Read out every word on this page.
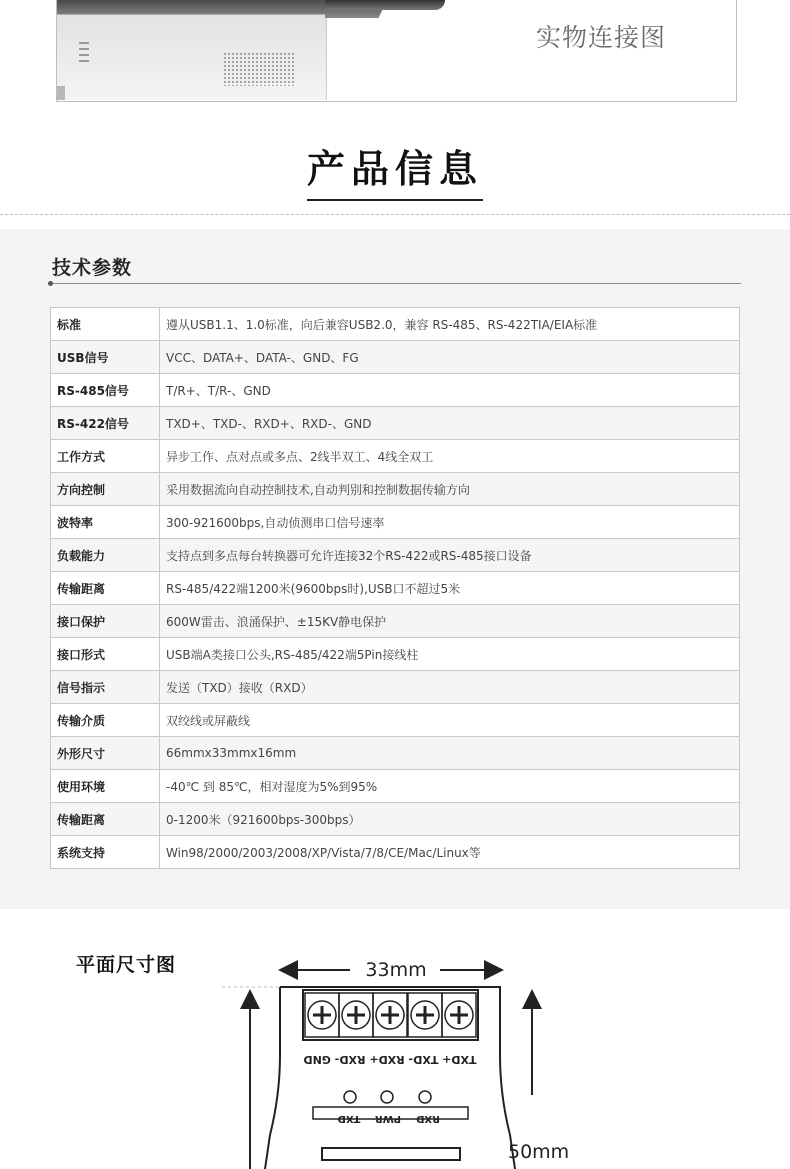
实物连接图
产品信息
技术参数
标准	遵从USB1.1、1.0标准，向后兼容USB2.0，兼容 RS-485、RS-422TIA/EIA标准
USB信号	VCC、DATA+、DATA-、GND、FG
RS-485信号	T/R+、T/R-、GND
RS-422信号	TXD+、TXD-、RXD+、RXD-、GND
工作方式	异步工作、点对点或多点、2线半双工、4线全双工
方向控制	采用数据流向自动控制技术,自动判别和控制数据传输方向
波特率	300-921600bps,自动侦测串口信号速率
负载能力	支持点到多点每台转换器可允许连接32个RS-422或RS-485接口设备
传输距离	RS-485/422端1200米(9600bps时),USB口不超过5米
接口保护	600W雷击、浪涌保护、±15KV静电保护
接口形式	USB端A类接口公头,RS-485/422端5Pin接线柱
信号指示	发送（TXD）接收（RXD）
传输介质	双绞线或屏蔽线
外形尺寸	66mmx33mmx16mm
使用环境	-40℃ 到 85℃，相对湿度为5%到95%
传输距离	0-1200米（921600bps-300bps）
系统支持	Win98/2000/2003/2008/XP/Vista/7/8/CE/Mac/Linux等
平面尺寸图	33mm
50mm
TXD+ TXD- RXD+ RXD- GND
TXD PWR RXD
